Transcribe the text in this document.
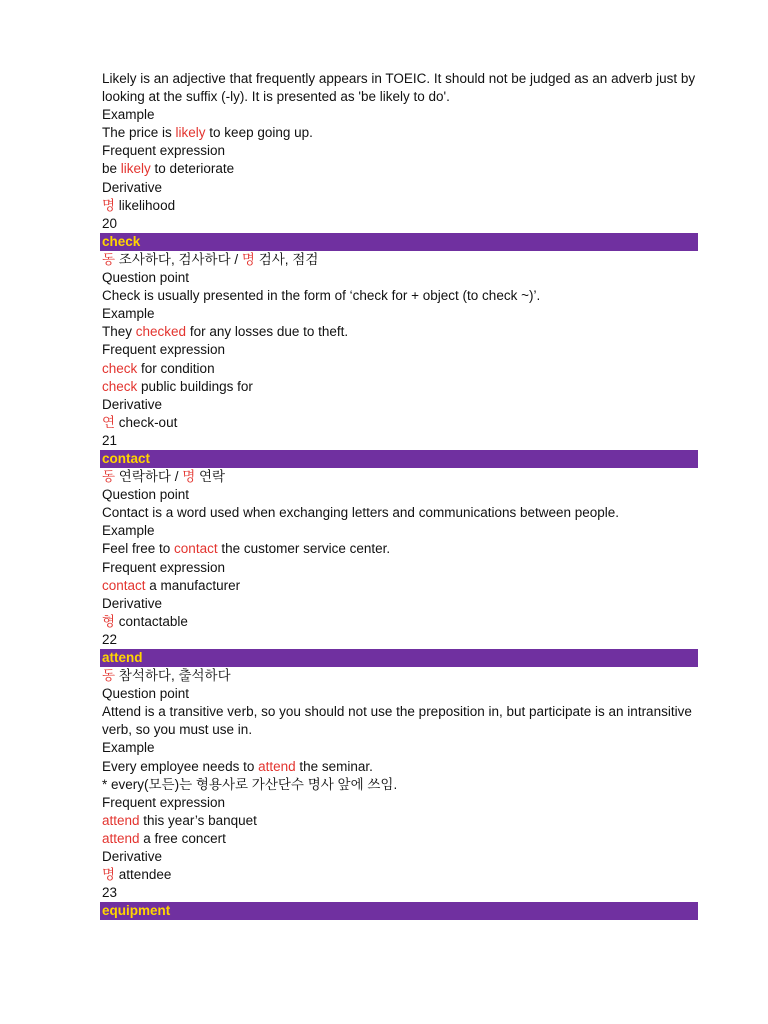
Likely is an adjective that frequently appears in TOEIC. It should not be judged as an adverb just by looking at the suffix (-ly). It is presented as 'be likely to do'.
Example
The price is likely to keep going up.
Frequent expression
be likely to deteriorate
Derivative
명 likelihood
20
check
동 조사하다, 검사하다 / 명 검사, 점검
Question point
Check is usually presented in the form of ‘check for + object (to check ~)’.
Example
They checked for any losses due to theft.
Frequent expression
check for condition
check public buildings for
Derivative
연 check-out
21
contact
동 연락하다 / 명 연락
Question point
Contact is a word used when exchanging letters and communications between people.
Example
Feel free to contact the customer service center.
Frequent expression
contact a manufacturer
Derivative
형 contactable
22
attend
동 참석하다, 출석하다
Question point
Attend is a transitive verb, so you should not use the preposition in, but participate is an intransitive verb, so you must use in.
Example
Every employee needs to attend the seminar.
* every(모든)는 형용사로 가산단수 명사 앞에 쓰임.
Frequent expression
attend this year’s banquet
attend a free concert
Derivative
명 attendee
23
equipment
